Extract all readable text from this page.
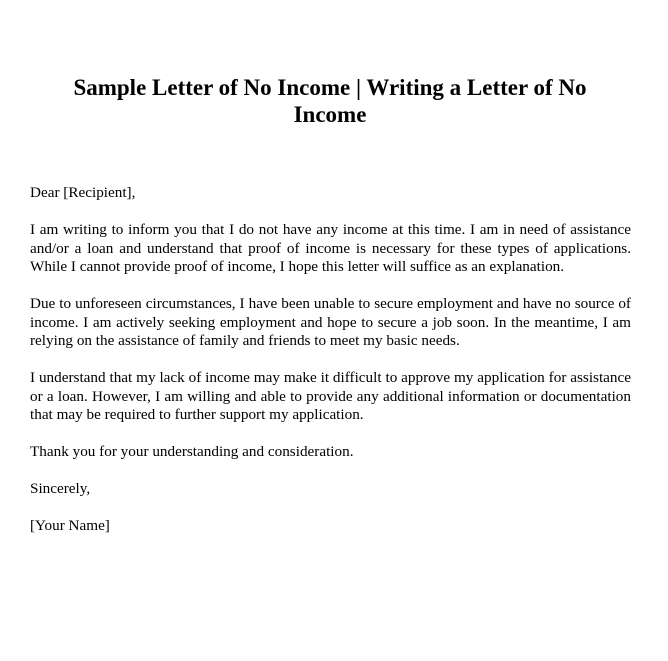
Sample Letter of No Income | Writing a Letter of No Income

Dear [Recipient],

I am writing to inform you that I do not have any income at this time. I am in need of assistance and/or a loan and understand that proof of income is necessary for these types of applications. While I cannot provide proof of income, I hope this letter will suffice as an explanation.

Due to unforeseen circumstances, I have been unable to secure employment and have no source of income. I am actively seeking employment and hope to secure a job soon. In the meantime, I am relying on the assistance of family and friends to meet my basic needs.

I understand that my lack of income may make it difficult to approve my application for assistance or a loan. However, I am willing and able to provide any additional information or documentation that may be required to further support my application.

Thank you for your understanding and consideration.

Sincerely,

[Your Name]
